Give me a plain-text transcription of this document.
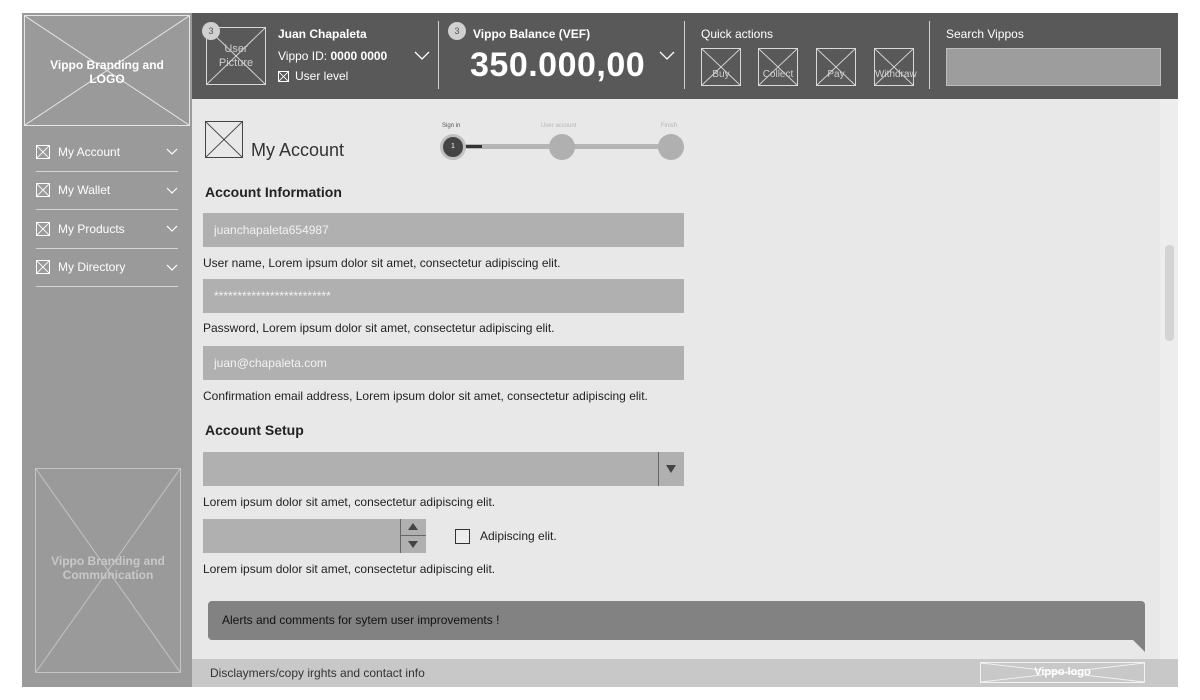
Vippo Branding and LOGO
My Account
My Wallet
My Products
My Directory
Vippo Branding and Communication
User Picture
3	Juan Chapaleta
Vippo ID: 0000 0000
User level
3	Vippo Balance (VEF)
350.000,00
Quick actions
Buy	Collect	Pay	Withdraw
Search Vippos
My Account
Sign in	User account	Finish
1
Account Information
juanchapaleta654987
User name, Lorem ipsum dolor sit amet, consectetur adipiscing elit.
*************************
Password, Lorem ipsum dolor sit amet, consectetur adipiscing elit.
juan@chapaleta.com
Confirmation email address, Lorem ipsum dolor sit amet, consectetur adipiscing elit.
Account Setup
Lorem ipsum dolor sit amet, consectetur adipiscing elit.
Adipiscing elit.
Lorem ipsum dolor sit amet, consectetur adipiscing elit.
Alerts and comments for sytem user improvements !
Disclaymers/copy irghts and contact info	Vippo logo
